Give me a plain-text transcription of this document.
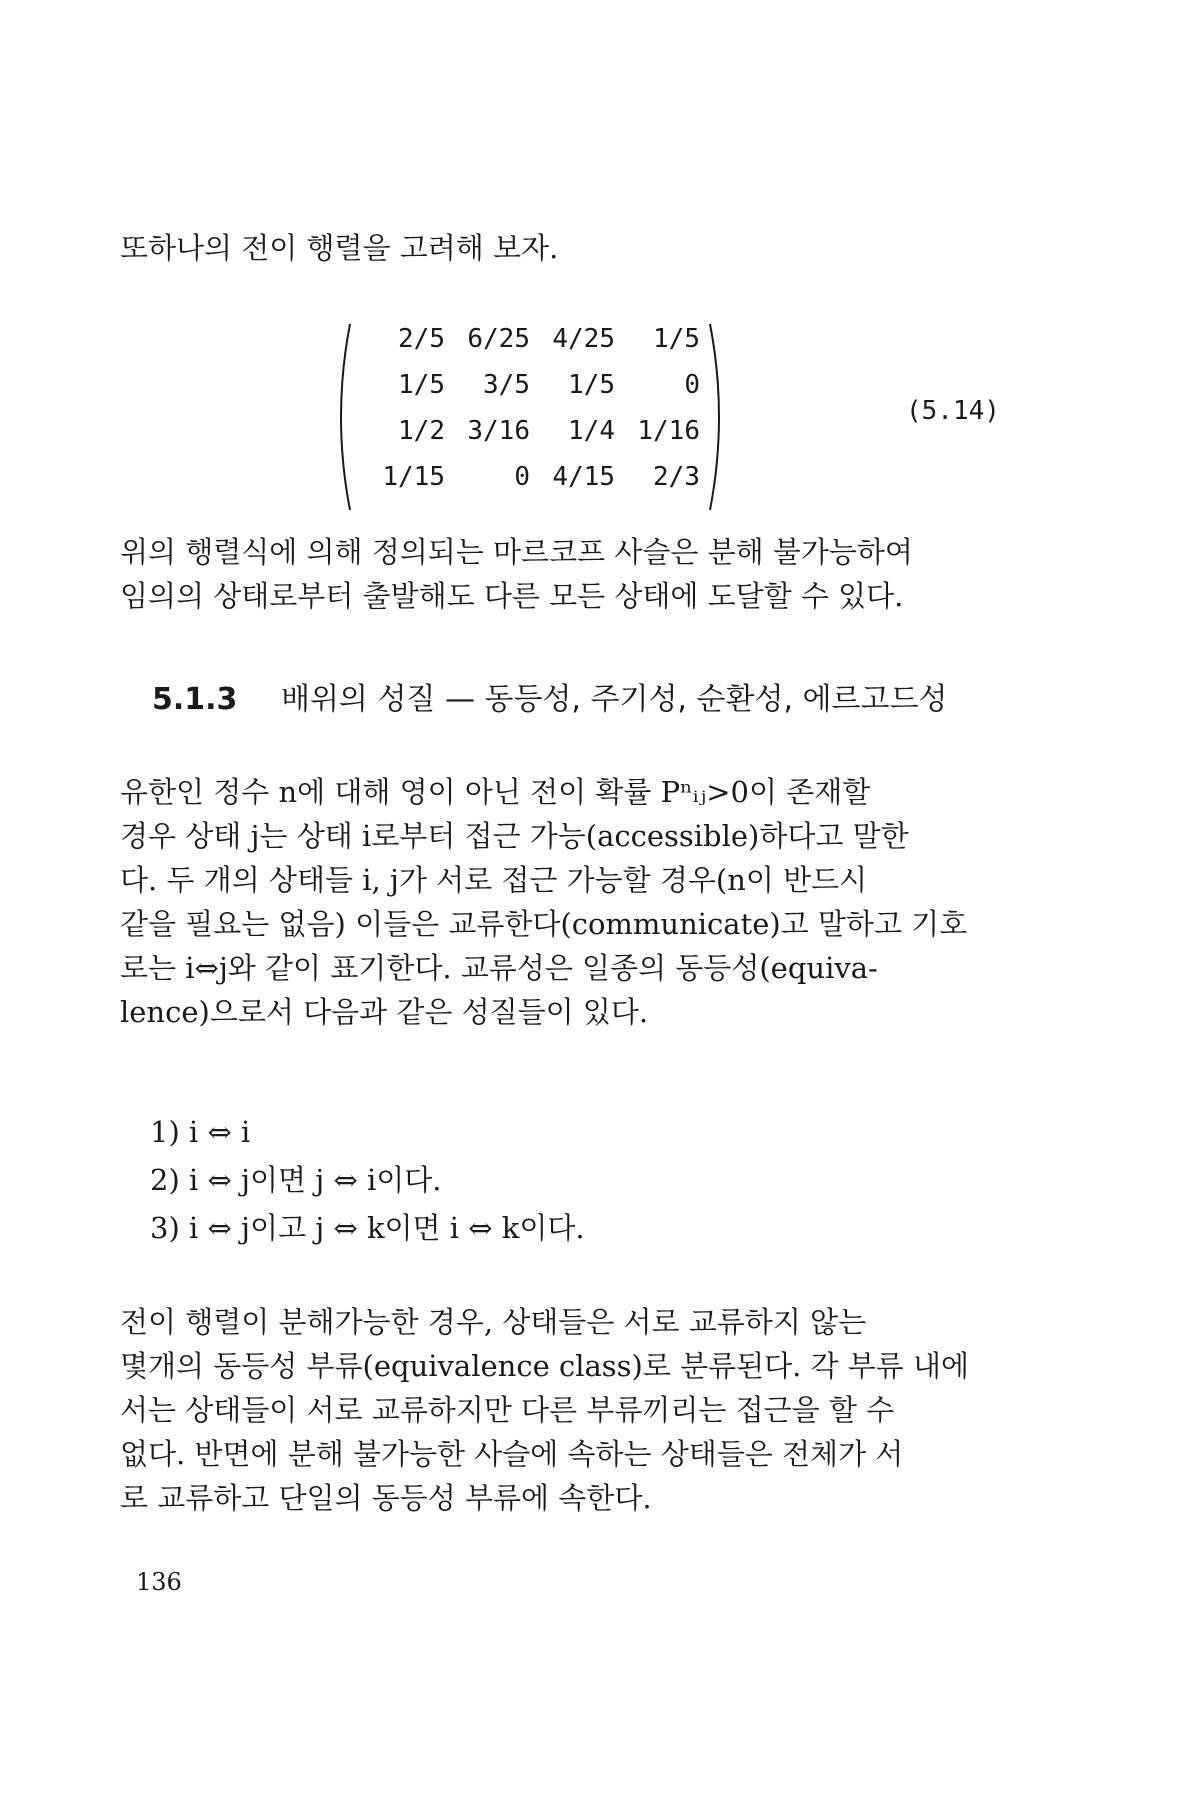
또하나의 전이 행렬을 고려해 보자.

2/5 6/25 4/25	1/5
1/5	3/5	1/5	0
1/2 3/16	1/4 1/16
1/15	0 4/15	2/3
(5.14)

위의 행렬식에 의해 정의되는 마르코프 사슬은 분해 불가능하여
임의의 상태로부터 출발해도 다른 모든 상태에 도달할 수 있다.

5.1.3 배위의 성질 — 동등성, 주기성, 순환성, 에르고드성

유한인 정수 n에 대해 영이 아닌 전이 확률 Pⁿᵢⱼ>0이 존재할
경우 상태 j는 상태 i로부터 접근 가능(accessible)하다고 말한
다. 두 개의 상태들 i, j가 서로 접근 가능할 경우(n이 반드시
같을 필요는 없음) 이들은 교류한다(communicate)고 말하고 기호
로는 i⇔j와 같이 표기한다. 교류성은 일종의 동등성(equiva-
lence)으로서 다음과 같은 성질들이 있다.

1) i ⇔ i
2) i ⇔ j이면 j ⇔ i이다.
3) i ⇔ j이고 j ⇔ k이면 i ⇔ k이다.

전이 행렬이 분해가능한 경우, 상태들은 서로 교류하지 않는
몇개의 동등성 부류(equivalence class)로 분류된다. 각 부류 내에
서는 상태들이 서로 교류하지만 다른 부류끼리는 접근을 할 수
없다. 반면에 분해 불가능한 사슬에 속하는 상태들은 전체가 서
로 교류하고 단일의 동등성 부류에 속한다.

136
